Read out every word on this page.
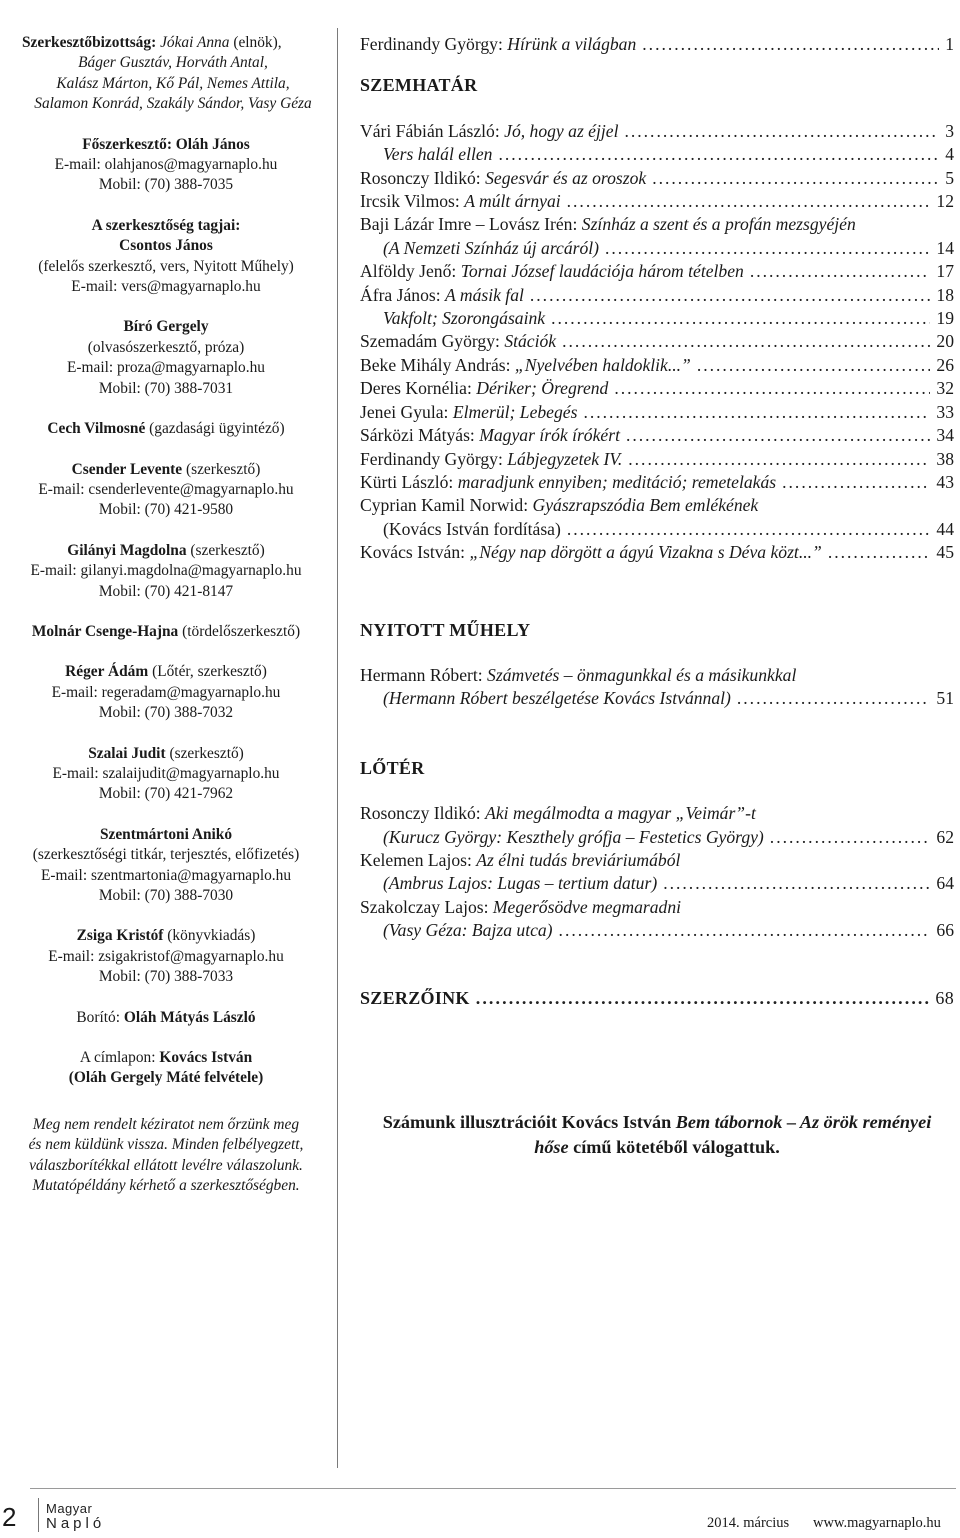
Szerkesztőbizottság: Jókai Anna (elnök),

Báger Gusztáv, Horváth Antal,

Kalász Márton, Kő Pál, Nemes Attila,

Salamon Konrád, Szakály Sándor, Vasy Géza

Főszerkesztő: Oláh János

E-mail: olahjanos@magyarnaplo.hu

Mobil: (70) 388-7035

A szerkesztőség tagjai:

Csontos János

(felelős szerkesztő, vers, Nyitott Műhely)

E-mail: vers@magyarnaplo.hu

Bíró Gergely

(olvasószerkesztő, próza)

E-mail: proza@magyarnaplo.hu

Mobil: (70) 388-7031

Cech Vilmosné (gazdasági ügyintéző)

Csender Levente (szerkesztő)

E-mail: csenderlevente@magyarnaplo.hu

Mobil: (70) 421-9580

Gilányi Magdolna (szerkesztő)

E-mail: gilanyi.magdolna@magyarnaplo.hu

Mobil: (70) 421-8147

Molnár Csenge-Hajna (tördelőszerkesztő)

Réger Ádám (Lőtér, szerkesztő)

E-mail: regeradam@magyarnaplo.hu

Mobil: (70) 388-7032

Szalai Judit (szerkesztő)

E-mail: szalaijudit@magyarnaplo.hu

Mobil: (70) 421-7962

Szentmártoni Anikó

(szerkesztőségi titkár, terjesztés, előfizetés)

E-mail: szentmartonia@magyarnaplo.hu

Mobil: (70) 388-7030

Zsiga Kristóf (könyvkiadás)

E-mail: zsigakristof@magyarnaplo.hu

Mobil: (70) 388-7033

Borító: Oláh Mátyás László

A címlapon: Kovács István

(Oláh Gergely Máté felvétele)

Meg nem rendelt kéziratot nem őrzünk meg

és nem küldünk vissza. Minden felbélyegzett,

válaszborítékkal ellátott levélre válaszolunk.

Mutatópéldány kérhető a szerkesztőségben.

Ferdinandy György: Hírünk a világban . . .	1
SZEMHATÁR
Vári Fábián László: Jó, hogy az éjjel . . .	3
Vers halál ellen . . .	4
Rosonczy Ildikó: Segesvár és az oroszok . . .	5
Ircsik Vilmos: A múlt árnyai . . .	12
Baji Lázár Imre – Lovász Irén: Színház a szent és a profán mezsgyéjén
(A Nemzeti Színház új arcáról) . . .	14
Alföldy Jenő: Tornai József laudációja három tételben . . .	17
Áfra János: A másik fal . . .	18
Vakfolt; Szorongásaink . . .	19
Szemadám György: Stációk . . .	20
Beke Mihály András: „Nyelvében haldoklik...” . . .	26
Deres Kornélia: Dériker; Öregrend . . .	32
Jenei Gyula: Elmerül; Lebegés . . .	33
Sárközi Mátyás: Magyar írók írókért . . .	34
Ferdinandy György: Lábjegyzetek IV. . . .	38
Kürti László: maradjunk ennyiben; meditáció; remetelakás . . .	43
Cyprian Kamil Norwid: Gyászrapszódia Bem emlékének
(Kovács István fordítása) . . .	44
Kovács István: „Négy nap dörgött a ágyú Vizakna s Déva közt...” . . .	45
NYITOTT MŰHELY
Hermann Róbert: Számvetés – önmagunkkal és a másikunkkal
(Hermann Róbert beszélgetése Kovács Istvánnal) . . .	51
LŐTÉR
Rosonczy Ildikó: Aki megálmodta a magyar „Veimár”-t
(Kurucz György: Keszthely grófja – Festetics György) . . .	62
Kelemen Lajos: Az élni tudás breviáriumából
(Ambrus Lajos: Lugas – tertium datur) . . .	64
Szakolczay Lajos: Megerősödve megmaradni
(Vasy Géza: Bajza utca) . . .	66
SZERZŐINK . . .	68
Számunk illusztrációit Kovács István Bem tábornok – Az örök reményei hőse című kötetéből válogattuk.
2 Magyar
Napló	2014. március www.magyarnaplo.hu
